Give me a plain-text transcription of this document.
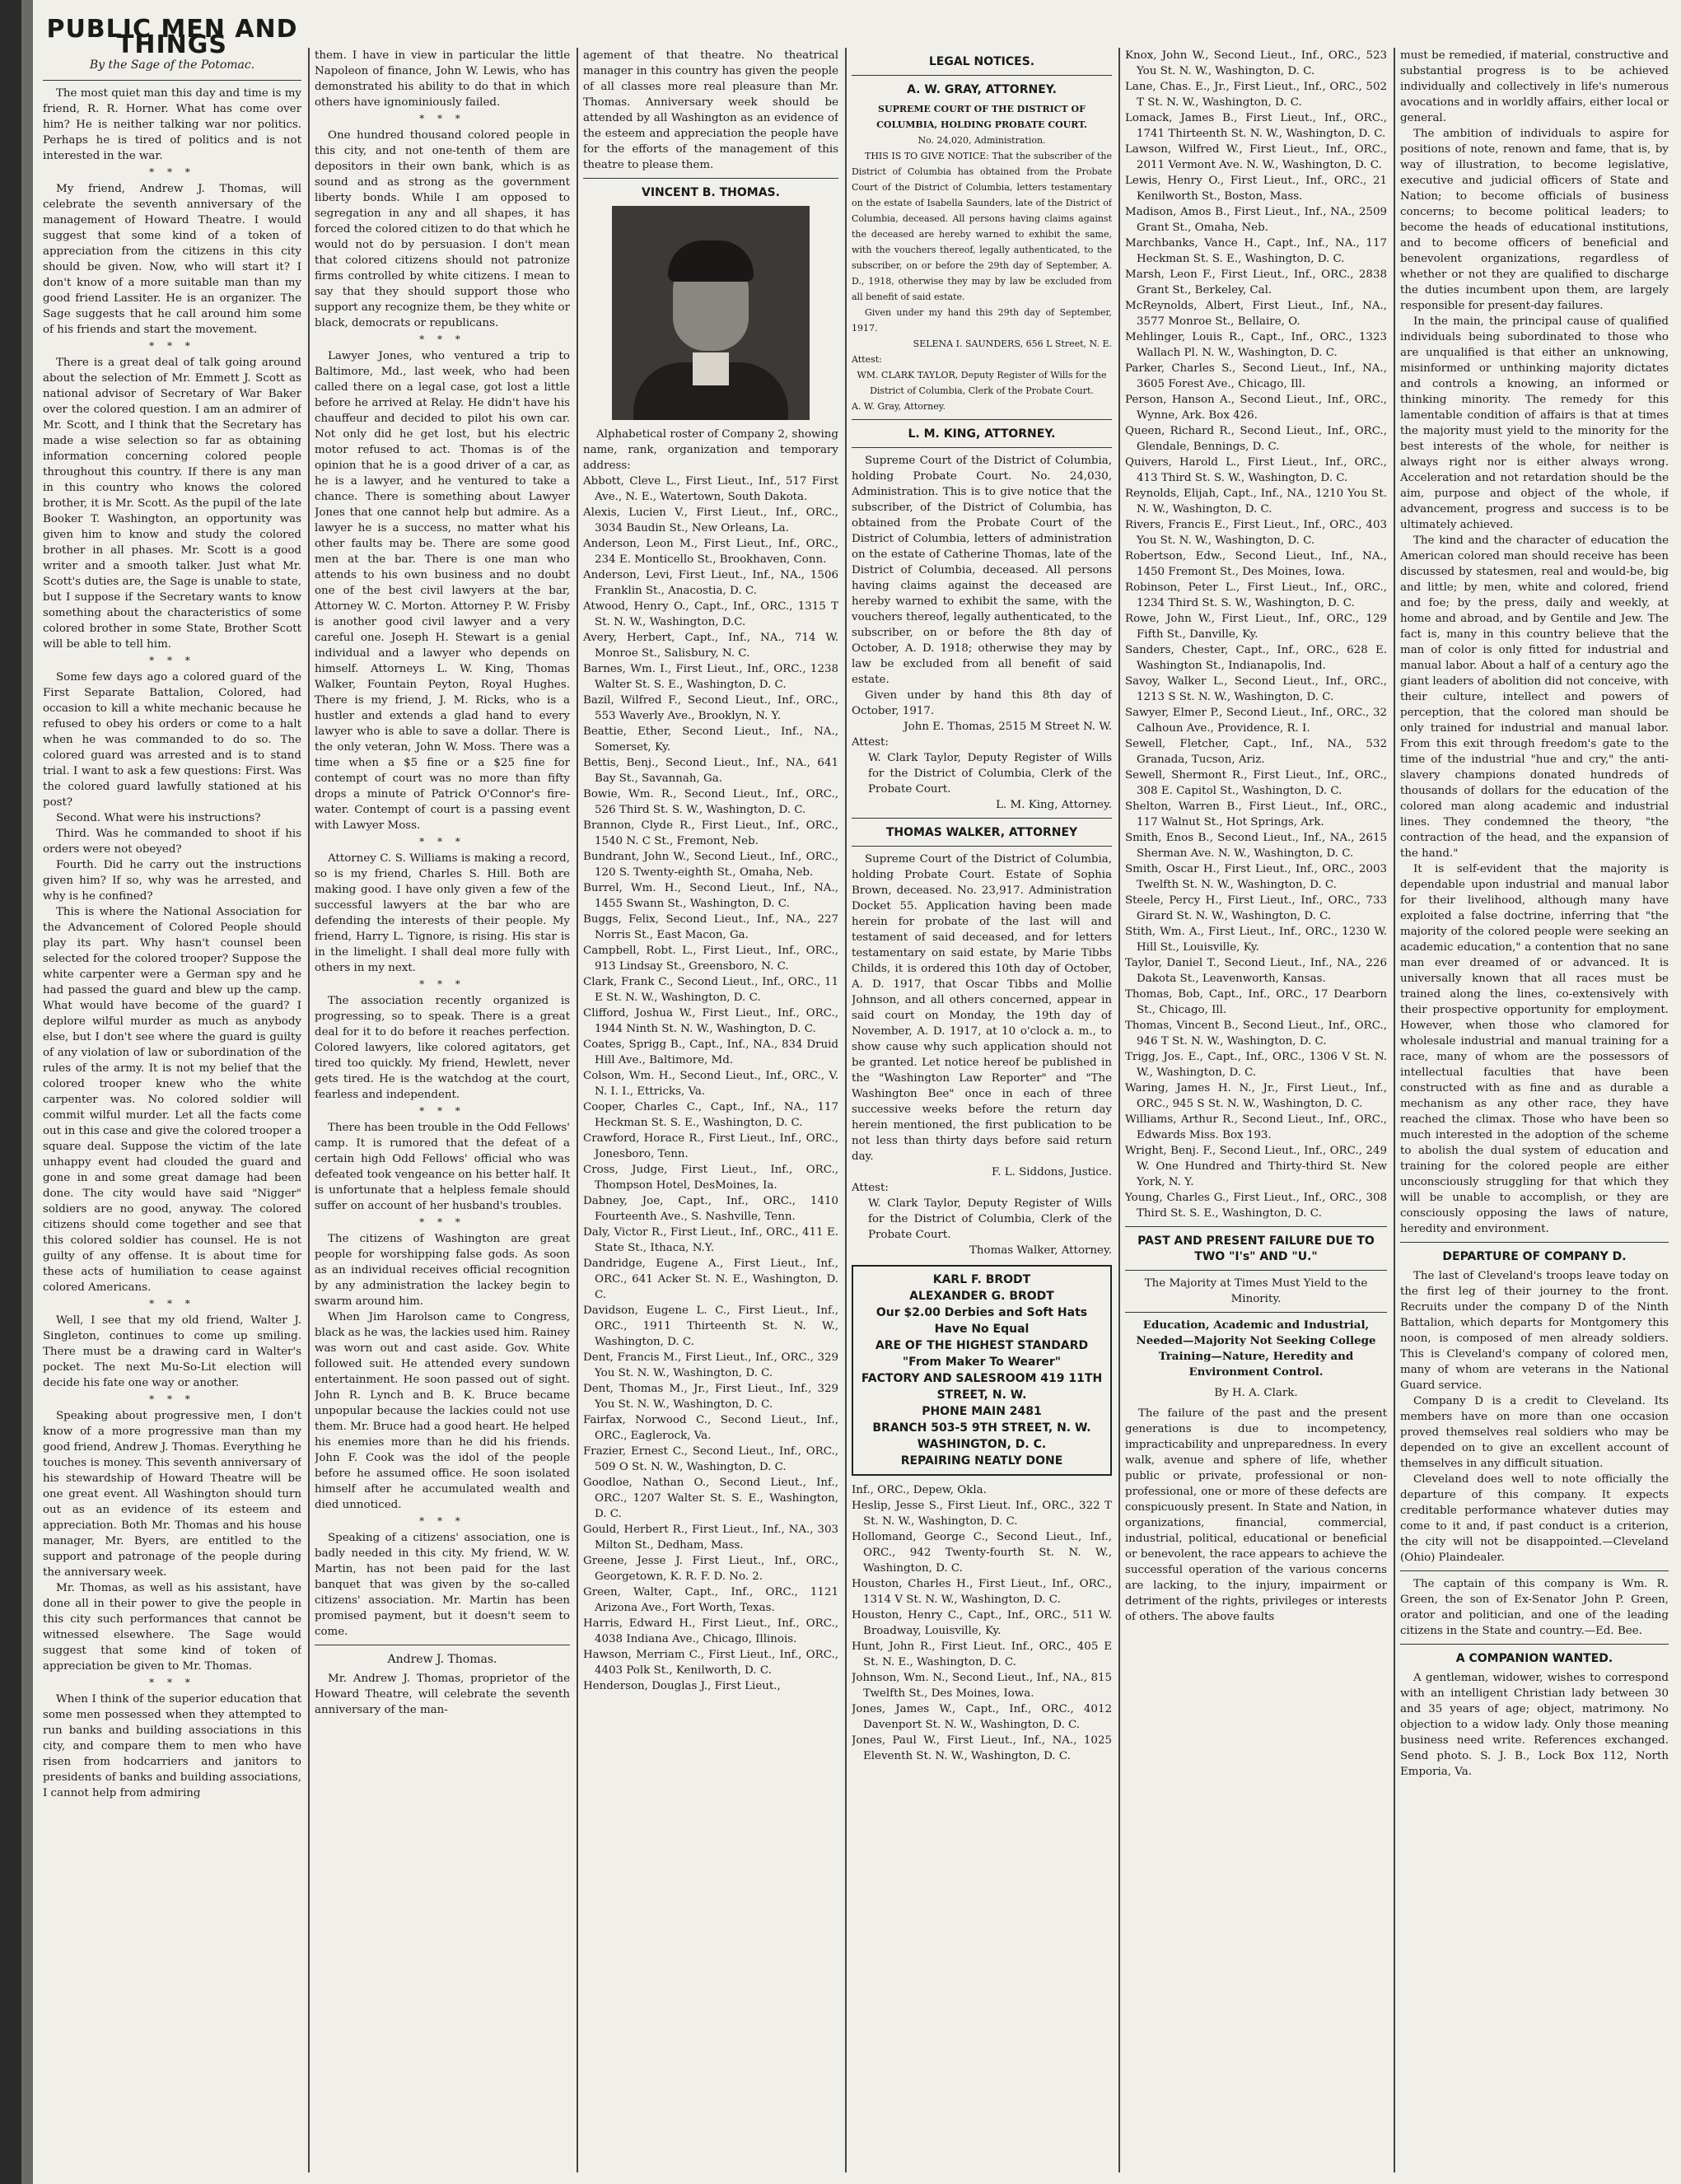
PUBLIC MEN AND THINGS
By the Sage of the Potomac.

The most quiet man this day and time is my friend, R. R. Horner. What has come over him? He is neither talking war nor politics. Perhaps he is tired of politics and is not interested in the war.

* * *

My friend, Andrew J. Thomas, will celebrate the seventh anniversary of the management of Howard Theatre. I would suggest that some kind of a token of appreciation from the citizens in this city should be given. Now, who will start it? I don't know of a more suitable man than my good friend Lassiter. He is an organizer. The Sage suggests that he call around him some of his friends and start the movement.

* * *

There is a great deal of talk going around about the selection of Mr. Emmett J. Scott as national advisor of Secretary of War Baker over the colored question. I am an admirer of Mr. Scott, and I think that the Secretary has made a wise selection so far as obtaining information concerning colored people throughout this country. If there is any man in this country who knows the colored brother, it is Mr. Scott. As the pupil of the late Booker T. Washington, an opportunity was given him to know and study the colored brother in all phases. Mr. Scott is a good writer and a smooth talker. Just what Mr. Scott's duties are, the Sage is unable to state, but I suppose if the Secretary wants to know something about the characteristics of some colored brother in some State, Brother Scott will be able to tell him.

* * *

Some few days ago a colored guard of the First Separate Battalion, Colored, had occasion to kill a white mechanic because he refused to obey his orders or come to a halt when he was commanded to do so. The colored guard was arrested and is to stand trial. I want to ask a few questions: First. Was the colored guard lawfully stationed at his post?

Second. What were his instructions?

Third. Was he commanded to shoot if his orders were not obeyed?

Fourth. Did he carry out the instructions given him? If so, why was he arrested, and why is he confined?

This is where the National Association for the Advancement of Colored People should play its part. Why hasn't counsel been selected for the colored trooper? Suppose the white carpenter were a German spy and he had passed the guard and blew up the camp. What would have become of the guard? I deplore wilful murder as much as anybody else, but I don't see where the guard is guilty of any violation of law or subordination of the rules of the army. It is not my belief that the colored trooper knew who the white carpenter was. No colored soldier will commit wilful murder. Let all the facts come out in this case and give the colored trooper a square deal. Suppose the victim of the late unhappy event had clouded the guard and gone in and some great damage had been done. The city would have said "Nigger" soldiers are no good, anyway. The colored citizens should come together and see that this colored soldier has counsel. He is not guilty of any offense. It is about time for these acts of humiliation to cease against colored Americans.

* * *

Well, I see that my old friend, Walter J. Singleton, continues to come up smiling. There must be a drawing card in Walter's pocket. The next Mu-So-Lit election will decide his fate one way or another.

* * *

Speaking about progressive men, I don't know of a more progressive man than my good friend, Andrew J. Thomas. Everything he touches is money. This seventh anniversary of his stewardship of Howard Theatre will be one great event. All Washington should turn out as an evidence of its esteem and appreciation. Both Mr. Thomas and his house manager, Mr. Byers, are entitled to the support and patronage of the people during the anniversary week.

Mr. Thomas, as well as his assistant, have done all in their power to give the people in this city such performances that cannot be witnessed elsewhere. The Sage would suggest that some kind of token of appreciation be given to Mr. Thomas.

* * *

When I think of the superior education that some men possessed when they attempted to run banks and building associations in this city, and compare them to men who have risen from hodcarriers and janitors to presidents of banks and building associations, I cannot help from admiring

them. I have in view in particular the little Napoleon of finance, John W. Lewis, who has demonstrated his ability to do that in which others have ignominiously failed.

* * *

One hundred thousand colored people in this city, and not one-tenth of them are depositors in their own bank, which is as sound and as strong as the government liberty bonds. While I am opposed to segregation in any and all shapes, it has forced the colored citizen to do that which he would not do by persuasion. I don't mean that colored citizens should not patronize firms controlled by white citizens. I mean to say that they should support those who support any recognize them, be they white or black, democrats or republicans.

* * *

Lawyer Jones, who ventured a trip to Baltimore, Md., last week, who had been called there on a legal case, got lost a little before he arrived at Relay. He didn't have his chauffeur and decided to pilot his own car. Not only did he get lost, but his electric motor refused to act. Thomas is of the opinion that he is a good driver of a car, as he is a lawyer, and he ventured to take a chance. There is something about Lawyer Jones that one cannot help but admire. As a lawyer he is a success, no matter what his other faults may be. There are some good men at the bar. There is one man who attends to his own business and no doubt one of the best civil lawyers at the bar, Attorney W. C. Morton. Attorney P. W. Frisby is another good civil lawyer and a very careful one. Joseph H. Stewart is a genial individual and a lawyer who depends on himself. Attorneys L. W. King, Thomas Walker, Fountain Peyton, Royal Hughes. There is my friend, J. M. Ricks, who is a hustler and extends a glad hand to every lawyer who is able to save a dollar. There is the only veteran, John W. Moss. There was a time when a $5 fine or a $25 fine for contempt of court was no more than fifty drops a minute of Patrick O'Connor's fire-water. Contempt of court is a passing event with Lawyer Moss.

* * *

Attorney C. S. Williams is making a record, so is my friend, Charles S. Hill. Both are making good. I have only given a few of the successful lawyers at the bar who are defending the interests of their people. My friend, Harry L. Tignore, is rising. His star is in the limelight. I shall deal more fully with others in my next.

* * *

The association recently organized is progressing, so to speak. There is a great deal for it to do before it reaches perfection. Colored lawyers, like colored agitators, get tired too quickly. My friend, Hewlett, never gets tired. He is the watchdog at the court, fearless and independent.

* * *

There has been trouble in the Odd Fellows' camp. It is rumored that the defeat of a certain high Odd Fellows' official who was defeated took vengeance on his better half. It is unfortunate that a helpless female should suffer on account of her husband's troubles.

* * *

The citizens of Washington are great people for worshipping false gods. As soon as an individual receives official recognition by any administration the lackey begin to swarm around him.

When Jim Harolson came to Congress, black as he was, the lackies used him. Rainey was worn out and cast aside. Gov. White followed suit. He attended every sundown entertainment. He soon passed out of sight. John R. Lynch and B. K. Bruce became unpopular because the lackies could not use them. Mr. Bruce had a good heart. He helped his enemies more than he did his friends. John F. Cook was the idol of the people before he assumed office. He soon isolated himself after he accumulated wealth and died unnoticed.

* * *

Speaking of a citizens' association, one is badly needed in this city. My friend, W. W. Martin, has not been paid for the last banquet that was given by the so-called citizens' association. Mr. Martin has been promised payment, but it doesn't seem to come.

Andrew J. Thomas.

Mr. Andrew J. Thomas, proprietor of the Howard Theatre, will celebrate the seventh anniversary of the man-

agement of that theatre. No theatrical manager in this country has given the people of all classes more real pleasure than Mr. Thomas. Anniversary week should be attended by all Washington as an evidence of the esteem and appreciation the people have for the efforts of the management of this theatre to please them.

VINCENT B. THOMAS.

Alphabetical roster of Company 2, showing name, rank, organization and temporary address:

Abbott, Cleve L., First Lieut., Inf., 517 First Ave., N. E., Watertown, South Dakota.

Alexis, Lucien V., First Lieut., Inf., ORC., 3034 Baudin St., New Orleans, La.

Anderson, Leon M., First Lieut., Inf., ORC., 234 E. Monticello St., Brookhaven, Conn.

Anderson, Levi, First Lieut., Inf., NA., 1506 Franklin St., Anacostia, D. C.

Atwood, Henry O., Capt., Inf., ORC., 1315 T St. N. W., Washington, D.C.

Avery, Herbert, Capt., Inf., NA., 714 W. Monroe St., Salisbury, N. C.

Barnes, Wm. I., First Lieut., Inf., ORC., 1238 Walter St. S. E., Washington, D. C.

Bazil, Wilfred F., Second Lieut., Inf., ORC., 553 Waverly Ave., Brooklyn, N. Y.

Beattie, Ether, Second Lieut., Inf., NA., Somerset, Ky.

Bettis, Benj., Second Lieut., Inf., NA., 641 Bay St., Savannah, Ga.

Bowie, Wm. R., Second Lieut., Inf., ORC., 526 Third St. S. W., Washington, D. C.

Brannon, Clyde R., First Lieut., Inf., ORC., 1540 N. C St., Fremont, Neb.

Bundrant, John W., Second Lieut., Inf., ORC., 120 S. Twenty-eighth St., Omaha, Neb.

Burrel, Wm. H., Second Lieut., Inf., NA., 1455 Swann St., Washington, D. C.

Buggs, Felix, Second Lieut., Inf., NA., 227 Norris St., East Macon, Ga.

Campbell, Robt. L., First Lieut., Inf., ORC., 913 Lindsay St., Greensboro, N. C.

Clark, Frank C., Second Lieut., Inf., ORC., 11 E St. N. W., Washington, D. C.

Clifford, Joshua W., First Lieut., Inf., ORC., 1944 Ninth St. N. W., Washington, D. C.

Coates, Sprigg B., Capt., Inf., NA., 834 Druid Hill Ave., Baltimore, Md.

Colson, Wm. H., Second Lieut., Inf., ORC., V. N. I. I., Ettricks, Va.

Cooper, Charles C., Capt., Inf., NA., 117 Heckman St. S. E., Washington, D. C.

Crawford, Horace R., First Lieut., Inf., ORC., Jonesboro, Tenn.

Cross, Judge, First Lieut., Inf., ORC., Thompson Hotel, DesMoines, Ia.

Dabney, Joe, Capt., Inf., ORC., 1410 Fourteenth Ave., S. Nashville, Tenn.

Daly, Victor R., First Lieut., Inf., ORC., 411 E. State St., Ithaca, N.Y.

Dandridge, Eugene A., First Lieut., Inf., ORC., 641 Acker St. N. E., Washington, D. C.

Davidson, Eugene L. C., First Lieut., Inf., ORC., 1911 Thirteenth St. N. W., Washington, D. C.

Dent, Francis M., First Lieut., Inf., ORC., 329 You St. N. W., Washington, D. C.

Dent, Thomas M., Jr., First Lieut., Inf., 329 You St. N. W., Washington, D. C.

Fairfax, Norwood C., Second Lieut., Inf., ORC., Eaglerock, Va.

Frazier, Ernest C., Second Lieut., Inf., ORC., 509 O St. N. W., Washington, D. C.

Goodloe, Nathan O., Second Lieut., Inf., ORC., 1207 Walter St. S. E., Washington, D. C.

Gould, Herbert R., First Lieut., Inf., NA., 303 Milton St., Dedham, Mass.

Greene, Jesse J. First Lieut., Inf., ORC., Georgetown, K. R. F. D. No. 2.

Green, Walter, Capt., Inf., ORC., 1121 Arizona Ave., Fort Worth, Texas.

Harris, Edward H., First Lieut., Inf., ORC., 4038 Indiana Ave., Chicago, Illinois.

Hawson, Merriam C., First Lieut., Inf., ORC., 4403 Polk St., Kenilworth, D. C.

Henderson, Douglas J., First Lieut.,

LEGAL NOTICES.
A. W. GRAY, ATTORNEY.
SUPREME COURT OF THE DISTRICT OF COLUMBIA, HOLDING PROBATE COURT.
No. 24,020, Administration.

THIS IS TO GIVE NOTICE: That the subscriber of the District of Columbia has obtained from the Probate Court of the District of Columbia, letters testamentary on the estate of Isabella Saunders, late of the District of Columbia, deceased. All persons having claims against the deceased are hereby warned to exhibit the same, with the vouchers thereof, legally authenticated, to the subscriber, on or before the 29th day of September, A. D., 1918, otherwise they may by law be excluded from all benefit of said estate.

Given under my hand this 29th day of September, 1917.

SELENA I. SAUNDERS, 656 L Street, N. E.
Attest:
WM. CLARK TAYLOR, Deputy Register of Wills for the District of Columbia, Clerk of the Probate Court.
A. W. Gray, Attorney.
L. M. KING, ATTORNEY.

Supreme Court of the District of Columbia, holding Probate Court. No. 24,030, Administration. This is to give notice that the subscriber, of the District of Columbia, has obtained from the Probate Court of the District of Columbia, letters of administration on the estate of Catherine Thomas, late of the District of Columbia, deceased. All persons having claims against the deceased are hereby warned to exhibit the same, with the vouchers thereof, legally authenticated, to the subscriber, on or before the 8th day of October, A. D. 1918; otherwise they may by law be excluded from all benefit of said estate.

Given under by hand this 8th day of October, 1917.

John E. Thomas, 2515 M Street N. W.
Attest:
W. Clark Taylor, Deputy Register of Wills for the District of Columbia, Clerk of the Probate Court.
L. M. King, Attorney.
THOMAS WALKER, ATTORNEY

Supreme Court of the District of Columbia, holding Probate Court. Estate of Sophia Brown, deceased. No. 23,917. Administration Docket 55. Application having been made herein for probate of the last will and testament of said deceased, and for letters testamentary on said estate, by Marie Tibbs Childs, it is ordered this 10th day of October, A. D. 1917, that Oscar Tibbs and Mollie Johnson, and all others concerned, appear in said court on Monday, the 19th day of November, A. D. 1917, at 10 o'clock a. m., to show cause why such application should not be granted. Let notice hereof be published in the "Washington Law Reporter" and "The Washington Bee" once in each of three successive weeks before the return day herein mentioned, the first publication to be not less than thirty days before said return day.

F. L. Siddons, Justice.
Attest:
W. Clark Taylor, Deputy Register of Wills for the District of Columbia, Clerk of the Probate Court.
Thomas Walker, Attorney.
KARL F. BRODT
ALEXANDER G. BRODT
Our $2.00 Derbies and Soft Hats Have No Equal
ARE OF THE HIGHEST STANDARD
"From Maker To Wearer"
FACTORY AND SALESROOM 419 11TH STREET, N. W.
PHONE MAIN 2481
BRANCH 503-5 9TH STREET, N. W.
WASHINGTON, D. C.
REPAIRING NEATLY DONE

Inf., ORC., Depew, Okla.

Heslip, Jesse S., First Lieut. Inf., ORC., 322 T St. N. W., Washington, D. C.

Hollomand, George C., Second Lieut., Inf., ORC., 942 Twenty-fourth St. N. W., Washington, D. C.

Houston, Charles H., First Lieut., Inf., ORC., 1314 V St. N. W., Washington, D. C.

Houston, Henry C., Capt., Inf., ORC., 511 W. Broadway, Louisville, Ky.

Hunt, John R., First Lieut. Inf., ORC., 405 E St. N. E., Washington, D. C.

Johnson, Wm. N., Second Lieut., Inf., NA., 815 Twelfth St., Des Moines, Iowa.

Jones, James W., Capt., Inf., ORC., 4012 Davenport St. N. W., Washington, D. C.

Jones, Paul W., First Lieut., Inf., NA., 1025 Eleventh St. N. W., Washington, D. C.

Knox, John W., Second Lieut., Inf., ORC., 523 You St. N. W., Washington, D. C.

Lane, Chas. E., Jr., First Lieut., Inf., ORC., 502 T St. N. W., Washington, D. C.

Lomack, James B., First Lieut., Inf., ORC., 1741 Thirteenth St. N. W., Washington, D. C.

Lawson, Wilfred W., First Lieut., Inf., ORC., 2011 Vermont Ave. N. W., Washington, D. C.

Lewis, Henry O., First Lieut., Inf., ORC., 21 Kenilworth St., Boston, Mass.

Madison, Amos B., First Lieut., Inf., NA., 2509 Grant St., Omaha, Neb.

Marchbanks, Vance H., Capt., Inf., NA., 117 Heckman St. S. E., Washington, D. C.

Marsh, Leon F., First Lieut., Inf., ORC., 2838 Grant St., Berkeley, Cal.

McReynolds, Albert, First Lieut., Inf., NA., 3577 Monroe St., Bellaire, O.

Mehlinger, Louis R., Capt., Inf., ORC., 1323 Wallach Pl. N. W., Washington, D. C.

Parker, Charles S., Second Lieut., Inf., NA., 3605 Forest Ave., Chicago, Ill.

Person, Hanson A., Second Lieut., Inf., ORC., Wynne, Ark. Box 426.

Queen, Richard R., Second Lieut., Inf., ORC., Glendale, Bennings, D. C.

Quivers, Harold L., First Lieut., Inf., ORC., 413 Third St. S. W., Washington, D. C.

Reynolds, Elijah, Capt., Inf., NA., 1210 You St. N. W., Washington, D. C.

Rivers, Francis E., First Lieut., Inf., ORC., 403 You St. N. W., Washington, D. C.

Robertson, Edw., Second Lieut., Inf., NA., 1450 Fremont St., Des Moines, Iowa.

Robinson, Peter L., First Lieut., Inf., ORC., 1234 Third St. S. W., Washington, D. C.

Rowe, John W., First Lieut., Inf., ORC., 129 Fifth St., Danville, Ky.

Sanders, Chester, Capt., Inf., ORC., 628 E. Washington St., Indianapolis, Ind.

Savoy, Walker L., Second Lieut., Inf., ORC., 1213 S St. N. W., Washington, D. C.

Sawyer, Elmer P., Second Lieut., Inf., ORC., 32 Calhoun Ave., Providence, R. I.

Sewell, Fletcher, Capt., Inf., NA., 532 Granada, Tucson, Ariz.

Sewell, Shermont R., First Lieut., Inf., ORC., 308 E. Capitol St., Washington, D. C.

Shelton, Warren B., First Lieut., Inf., ORC., 117 Walnut St., Hot Springs, Ark.

Smith, Enos B., Second Lieut., Inf., NA., 2615 Sherman Ave. N. W., Washington, D. C.

Smith, Oscar H., First Lieut., Inf., ORC., 2003 Twelfth St. N. W., Washington, D. C.

Steele, Percy H., First Lieut., Inf., ORC., 733 Girard St. N. W., Washington, D. C.

Stith, Wm. A., First Lieut., Inf., ORC., 1230 W. Hill St., Louisville, Ky.

Taylor, Daniel T., Second Lieut., Inf., NA., 226 Dakota St., Leavenworth, Kansas.

Thomas, Bob, Capt., Inf., ORC., 17 Dearborn St., Chicago, Ill.

Thomas, Vincent B., Second Lieut., Inf., ORC., 946 T St. N. W., Washington, D. C.

Trigg, Jos. E., Capt., Inf., ORC., 1306 V St. N. W., Washington, D. C.

Waring, James H. N., Jr., First Lieut., Inf., ORC., 945 S St. N. W., Washington, D. C.

Williams, Arthur R., Second Lieut., Inf., ORC., Edwards Miss. Box 193.

Wright, Benj. F., Second Lieut., Inf., ORC., 249 W. One Hundred and Thirty-third St. New York, N. Y.

Young, Charles G., First Lieut., Inf., ORC., 308 Third St. S. E., Washington, D. C.

PAST AND PRESENT FAILURE DUE TO TWO "I's" AND "U."
The Majority at Times Must Yield to the Minority.
Education, Academic and Industrial, Needed—Majority Not Seeking College Training—Nature, Heredity and Environment Control.
By H. A. Clark.

The failure of the past and the present generations is due to incompetency, impracticability and unpreparedness. In every walk, avenue and sphere of life, whether public or private, professional or non-professional, one or more of these defects are conspicuously present. In State and Nation, in organizations, financial, commercial, industrial, political, educational or beneficial or benevolent, the race appears to achieve the successful operation of the various concerns are lacking, to the injury, impairment or detriment of the rights, privileges or interests of others. The above faults

must be remedied, if material, constructive and substantial progress is to be achieved individually and collectively in life's numerous avocations and in worldly affairs, either local or general.

The ambition of individuals to aspire for positions of note, renown and fame, that is, by way of illustration, to become legislative, executive and judicial officers of State and Nation; to become officials of business concerns; to become political leaders; to become the heads of educational institutions, and to become officers of beneficial and benevolent organizations, regardless of whether or not they are qualified to discharge the duties incumbent upon them, are largely responsible for present-day failures.

In the main, the principal cause of qualified individuals being subordinated to those who are unqualified is that either an unknowing, misinformed or unthinking majority dictates and controls a knowing, an informed or thinking minority. The remedy for this lamentable condition of affairs is that at times the majority must yield to the minority for the best interests of the whole, for neither is always right nor is either always wrong. Acceleration and not retardation should be the aim, purpose and object of the whole, if advancement, progress and success is to be ultimately achieved.

The kind and the character of education the American colored man should receive has been discussed by statesmen, real and would-be, big and little; by men, white and colored, friend and foe; by the press, daily and weekly, at home and abroad, and by Gentile and Jew. The fact is, many in this country believe that the man of color is only fitted for industrial and manual labor. About a half of a century ago the giant leaders of abolition did not conceive, with their culture, intellect and powers of perception, that the colored man should be only trained for industrial and manual labor. From this exit through freedom's gate to the time of the industrial "hue and cry," the anti-slavery champions donated hundreds of thousands of dollars for the education of the colored man along academic and industrial lines. They condemned the theory, "the contraction of the head, and the expansion of the hand."

It is self-evident that the majority is dependable upon industrial and manual labor for their livelihood, although many have exploited a false doctrine, inferring that "the majority of the colored people were seeking an academic education," a contention that no sane man ever dreamed of or advanced. It is universally known that all races must be trained along the lines, co-extensively with their prospective opportunity for employment. However, when those who clamored for wholesale industrial and manual training for a race, many of whom are the possessors of intellectual faculties that have been constructed with as fine and as durable a mechanism as any other race, they have reached the climax. Those who have been so much interested in the adoption of the scheme to abolish the dual system of education and training for the colored people are either unconsciously struggling for that which they will be unable to accomplish, or they are consciously opposing the laws of nature, heredity and environment.

DEPARTURE OF COMPANY D.

The last of Cleveland's troops leave today on the first leg of their journey to the front. Recruits under the company D of the Ninth Battalion, which departs for Montgomery this noon, is composed of men already soldiers. This is Cleveland's company of colored men, many of whom are veterans in the National Guard service.

Company D is a credit to Cleveland. Its members have on more than one occasion proved themselves real soldiers who may be depended on to give an excellent account of themselves in any difficult situation.

Cleveland does well to note officially the departure of this company. It expects creditable performance whatever duties may come to it and, if past conduct is a criterion, the city will not be disappointed.—Cleveland (Ohio) Plaindealer.

The captain of this company is Wm. R. Green, the son of Ex-Senator John P. Green, orator and politician, and one of the leading citizens in the State and country.—Ed. Bee.

A COMPANION WANTED.

A gentleman, widower, wishes to correspond with an intelligent Christian lady between 30 and 35 years of age; object, matrimony. No objection to a widow lady. Only those meaning business need write. References exchanged. Send photo. S. J. B., Lock Box 112, North Emporia, Va.
